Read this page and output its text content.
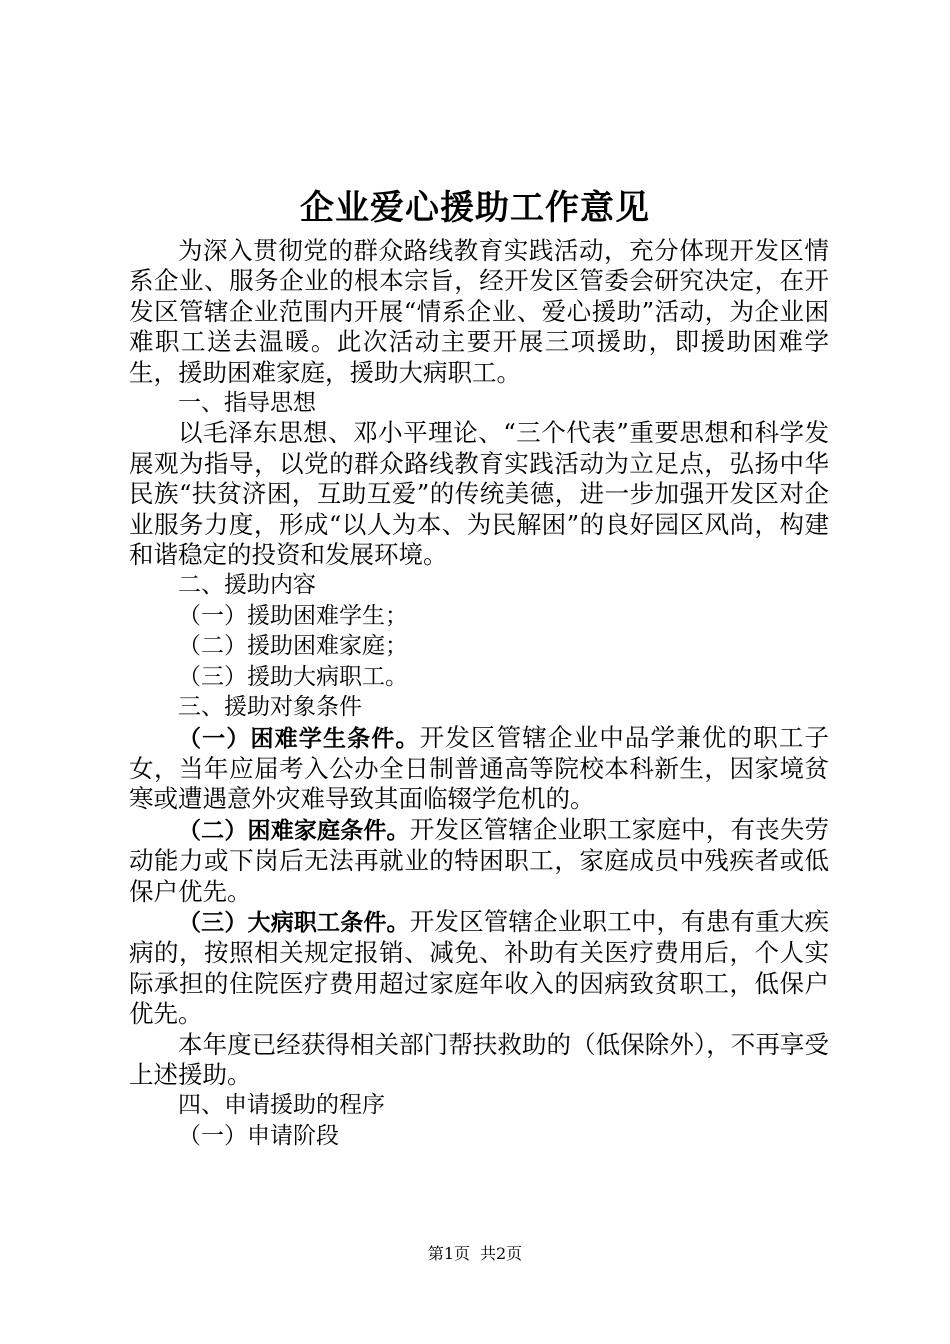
企业爱心援助工作意见

为深入贯彻党的群众路线教育实践活动，充分体现开发区情系企业、服务企业的根本宗旨，经开发区管委会研究决定，在开发区管辖企业范围内开展“情系企业、爱心援助”活动，为企业困难职工送去温暖。此次活动主要开展三项援助，即援助困难学生，援助困难家庭，援助大病职工。

一、指导思想

以毛泽东思想、邓小平理论、“三个代表”重要思想和科学发展观为指导，以党的群众路线教育实践活动为立足点，弘扬中华民族“扶贫济困，互助互爱”的传统美德，进一步加强开发区对企业服务力度，形成“以人为本、为民解困”的良好园区风尚，构建和谐稳定的投资和发展环境。

二、援助内容

（一）援助困难学生；

（二）援助困难家庭；

（三）援助大病职工。

三、援助对象条件

（一）困难学生条件。开发区管辖企业中品学兼优的职工子女，当年应届考入公办全日制普通高等院校本科新生，因家境贫寒或遭遇意外灾难导致其面临辍学危机的。

（二）困难家庭条件。开发区管辖企业职工家庭中，有丧失劳动能力或下岗后无法再就业的特困职工，家庭成员中残疾者或低保户优先。

（三）大病职工条件。开发区管辖企业职工中，有患有重大疾病的，按照相关规定报销、减免、补助有关医疗费用后，个人实际承担的住院医疗费用超过家庭年收入的因病致贫职工，低保户优先。

本年度已经获得相关部门帮扶救助的（低保除外），不再享受上述援助。

四、申请援助的程序

（一）申请阶段

第1页 共2页
